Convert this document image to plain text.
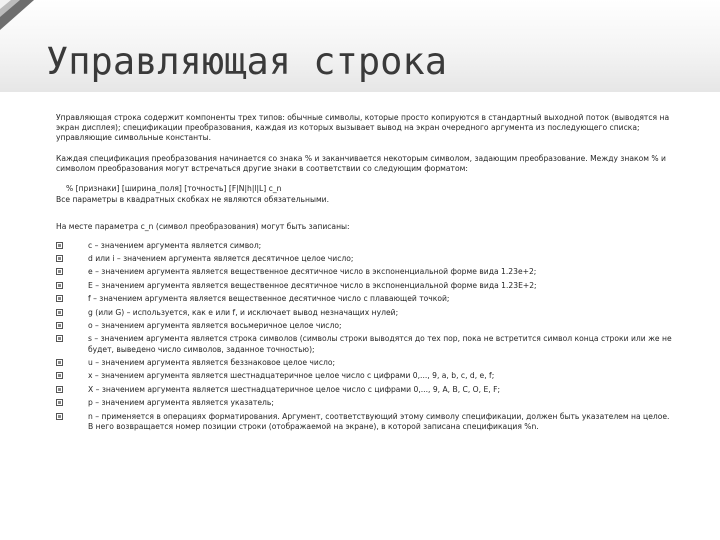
Управляющая строка

Управляющая строка содержит компоненты трех типов: обычные символы, которые просто копируются в стандартный выходной поток (выводятся на экран дисплея); спецификации преобразования, каждая из которых вызывает вывод на экран очередного аргумента из последующего списка; управляющие символьные константы.

Каждая спецификация преобразования начинается со знака % и заканчивается некоторым символом, задающим преобразование. Между знаком % и символом преобразования могут встречаться другие знаки в соответствии со следующим форматом:

% [признаки] [ширина_поля] [точность] [F|N|h|l|L] c_n

Все параметры в квадратных скобках не являются обязательными.

На месте параметра c_n (символ преобразования) могут быть записаны:

c – значением аргумента является символ;
d или i – значением аргумента является десятичное целое число;
e – значением аргумента является вещественное десятичное число в экспоненциальной форме вида 1.23e+2;
E – значением аргумента является вещественное десятичное число в экспоненциальной форме вида 1.23E+2;
f – значением аргумента является вещественное десятичное число с плавающей точкой;
g (или G) – используется, как e или f, и исключает вывод незначащих нулей;
o – значением аргумента является восьмеричное целое число;
s – значением аргумента является строка символов (символы строки выводятся до тех пор, пока не встретится символ конца строки или же не будет, выведено число символов, заданное точностью);
u – значением аргумента является беззнаковое целое число;
x – значением аргумента является шестнадцатеричное целое число с цифрами 0,..., 9, a, b, c, d, e, f;
X – значением аргумента является шестнадцатеричное целое число с цифрами 0,..., 9, A, B, C, O, E, F;
p – значением аргумента является указатель;
n – применяется в операциях форматирования. Аргумент, соответствующий этому символу спецификации, должен быть указателем на целое. В него возвращается номер позиции строки (отображаемой на экране), в которой записана спецификация %n.
